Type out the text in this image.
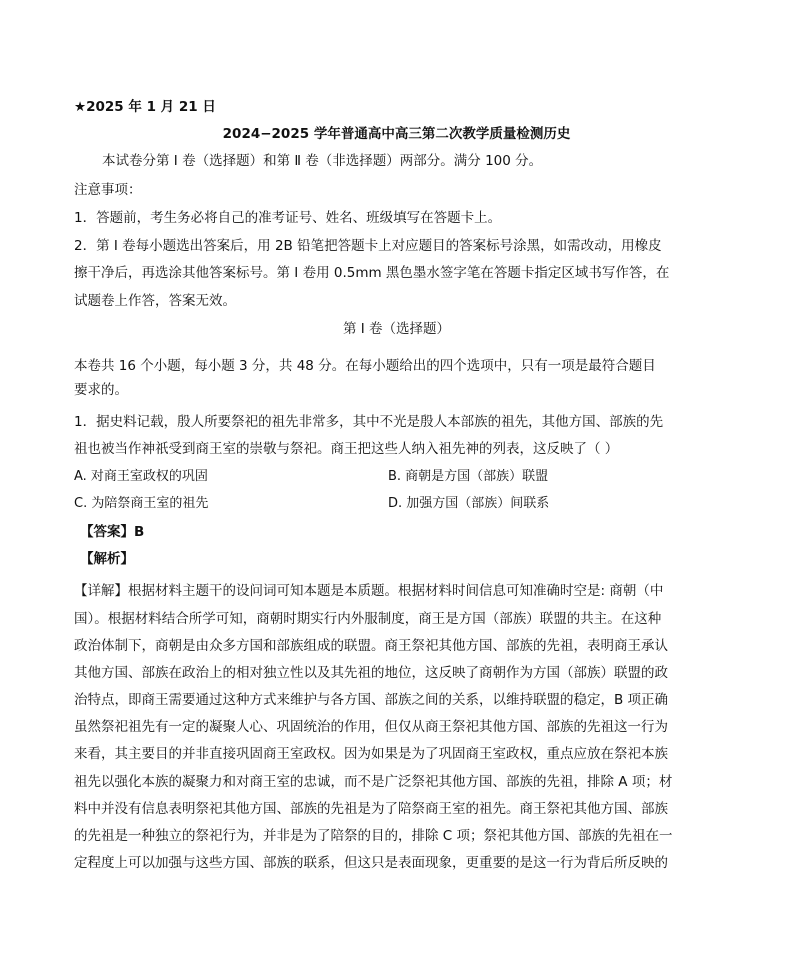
★2025 年 1 月 21 日
2024−2025 学年普通高中高三第二次教学质量检测历史
本试卷分第 Ⅰ 卷（选择题）和第 Ⅱ 卷（非选择题）两部分。满分 100 分。
注意事项：
1．答题前，考生务必将自己的准考证号、姓名、班级填写在答题卡上。
2．第 Ⅰ 卷每小题选出答案后，用 2B 铅笔把答题卡上对应题目的答案标号涂黑，如需改动，用橡皮
擦干净后，再选涂其他答案标号。第 Ⅰ 卷用 0.5mm 黑色墨水签字笔在答题卡指定区域书写作答，在
试题卷上作答，答案无效。
第 Ⅰ 卷（选择题）
本卷共 16 个小题，每小题 3 分，共 48 分。在每小题给出的四个选项中，只有一项是最符合题目
要求的。
1．据史料记载，殷人所要祭祀的祖先非常多，其中不光是殷人本部族的祖先，其他方国、部族的先
祖也被当作神祇受到商王室的崇敬与祭祀。商王把这些人纳入祖先神的列表，这反映了（ ）
A. 对商王室政权的巩固	B. 商朝是方国（部族）联盟
C. 为陪祭商王室的祖先	D. 加强方国（部族）间联系
【答案】B
【解析】
【详解】根据材料主题干的设问词可知本题是本质题。根据材料时间信息可知准确时空是: 商朝（中
国）。根据材料结合所学可知，商朝时期实行内外服制度，商王是方国（部族）联盟的共主。在这种
政治体制下，商朝是由众多方国和部族组成的联盟。商王祭祀其他方国、部族的先祖，表明商王承认
其他方国、部族在政治上的相对独立性以及其先祖的地位，这反映了商朝作为方国（部族）联盟的政
治特点，即商王需要通过这种方式来维护与各方国、部族之间的关系，以维持联盟的稳定，B 项正确
虽然祭祀祖先有一定的凝聚人心、巩固统治的作用，但仅从商王祭祀其他方国、部族的先祖这一行为
来看，其主要目的并非直接巩固商王室政权。因为如果是为了巩固商王室政权，重点应放在祭祀本族
祖先以强化本族的凝聚力和对商王室的忠诚，而不是广泛祭祀其他方国、部族的先祖，排除 A 项；材
料中并没有信息表明祭祀其他方国、部族的先祖是为了陪祭商王室的祖先。商王祭祀其他方国、部族
的先祖是一种独立的祭祀行为，并非是为了陪祭的目的，排除 C 项；祭祀其他方国、部族的先祖在一
定程度上可以加强与这些方国、部族的联系，但这只是表面现象，更重要的是这一行为背后所反映的
